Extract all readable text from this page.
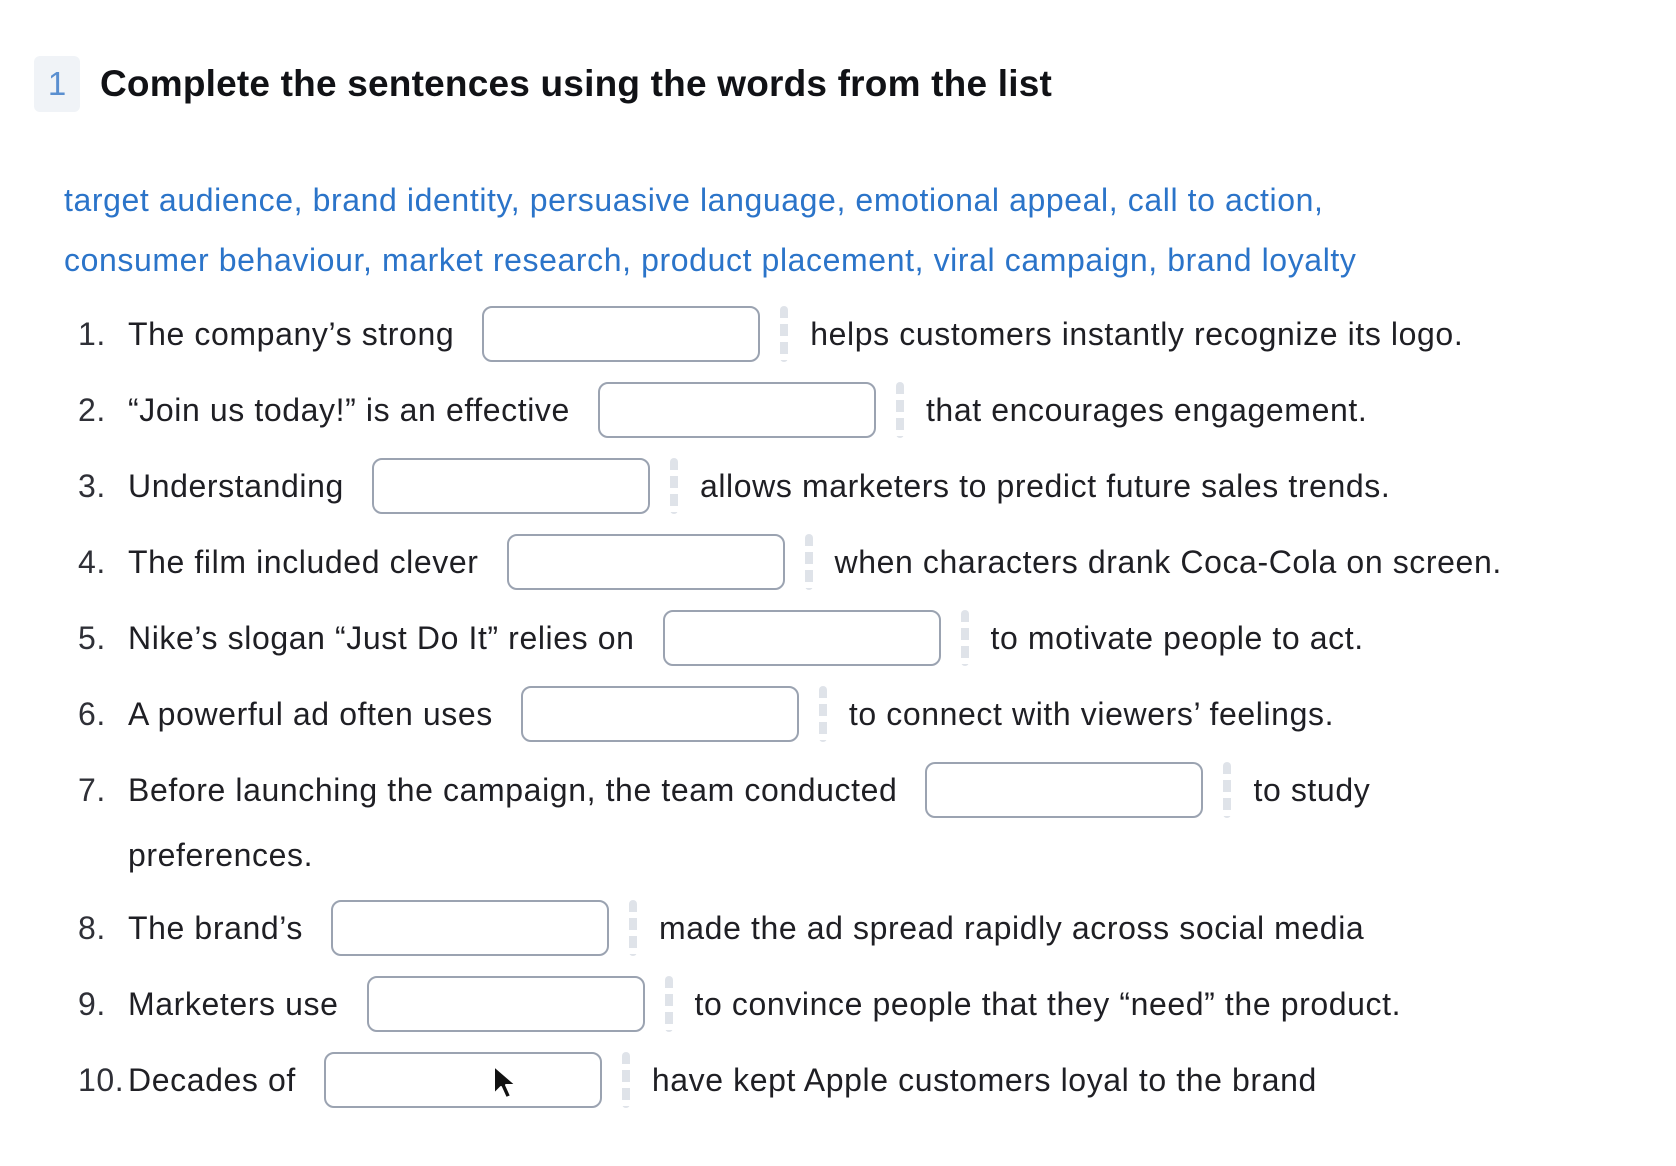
1 Complete the sentences using the words from the list
target audience, brand identity, persuasive language, emotional appeal, call to action,
consumer behaviour, market research, product placement, viral campaign, brand loyalty
1. The company’s strong	helps customers instantly recognize its logo.
2. “Join us today!” is an effective	that encourages engagement.
3. Understanding	allows marketers to predict future sales trends.
4. The film included clever	when characters drank Coca-Cola on screen.
5. Nike’s slogan “Just Do It” relies on	to motivate people to act.
6. A powerful ad often uses	to connect with viewers’ feelings.
7. Before launching the campaign, the team conducted	to study
preferences.
8. The brand’s	made the ad spread rapidly across social media
9. Marketers use	to convince people that they “need” the product.
10. Decades of	have kept Apple customers loyal to the brand
